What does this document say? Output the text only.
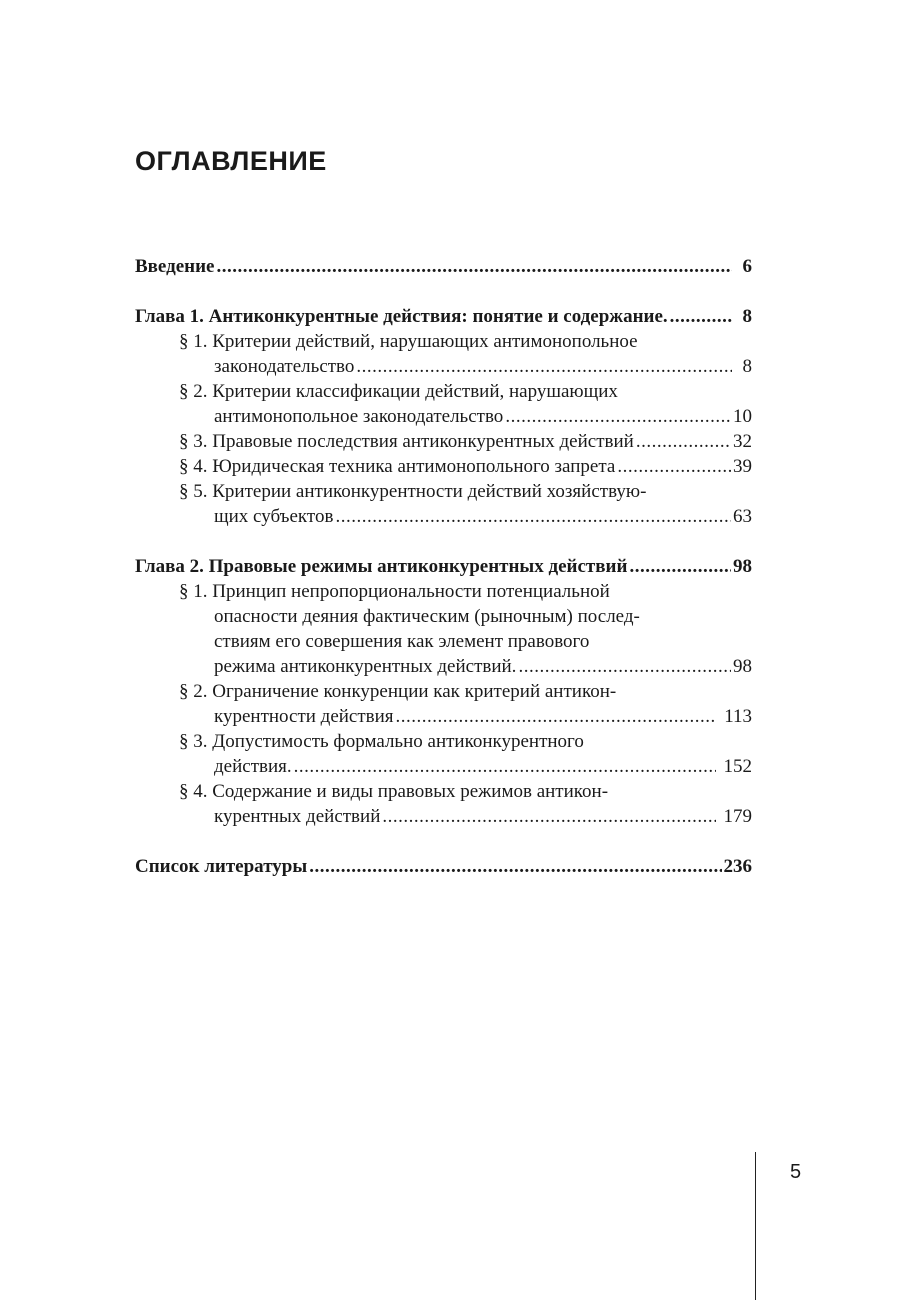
ОГЛАВЛЕНИЕ
Введение .....	6
Глава 1. Антиконкурентные действия: понятие и содержание. .....	8
§ 1. Критерии действий, нарушающих антимонопольное
законодательство .....	8
§ 2. Критерии классификации действий, нарушающих
антимонопольное законодательство .....	10
§ 3. Правовые последствия антиконкурентных действий .....	32
§ 4. Юридическая техника антимонопольного запрета .....	39
§ 5. Критерии антиконкурентности действий хозяйствую-
щих субъектов .....	63
Глава 2. Правовые режимы антиконкурентных действий .....	98
§ 1. Принцип непропорциональности потенциальной
опасности деяния фактическим (рыночным) послед-
ствиям его совершения как элемент правового
режима антиконкурентных действий. .....	98
§ 2. Ограничение конкуренции как критерий антикон-
курентности действия .....	113
§ 3. Допустимость формально антиконкурентного
действия. .....	152
§ 4. Содержание и виды правовых режимов антикон-
курентных действий .....	179
Список литературы .....	236
5
